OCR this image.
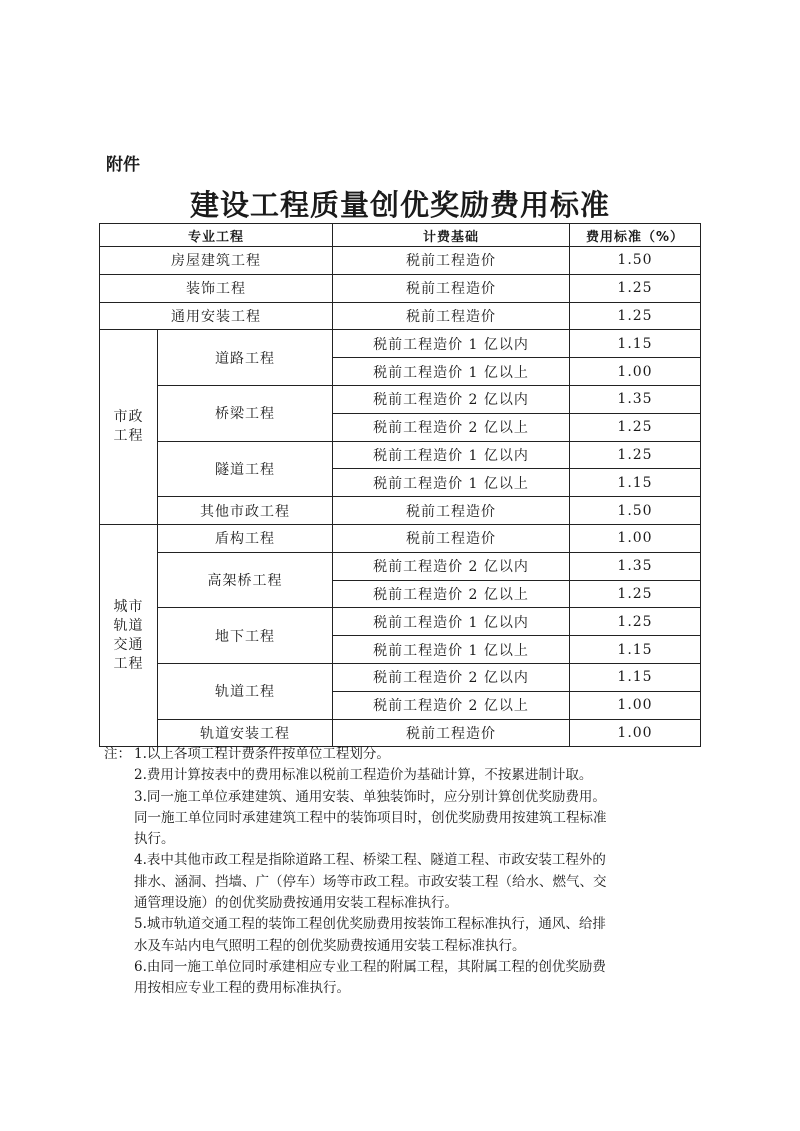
附件
建设工程质量创优奖励费用标准
专业工程		计费基础	费用标准（%）
房屋建筑工程		税前工程造价	1.50
装饰工程		税前工程造价	1.25
通用安装工程		税前工程造价	1.25

市政
工程	道路工程	税前工程造价 1 亿以内	1.15
		税前工程造价 1 亿以上	1.00
	桥梁工程	税前工程造价 2 亿以内	1.35
		税前工程造价 2 亿以上	1.25
	隧道工程	税前工程造价 1 亿以内	1.25
		税前工程造价 1 亿以上	1.15
	其他市政工程	税前工程造价	1.50

城市
轨道
交通
工程	盾构工程	税前工程造价	1.00
	高架桥工程	税前工程造价 2 亿以内	1.35
		税前工程造价 2 亿以上	1.25
	地下工程	税前工程造价 1 亿以内	1.25
		税前工程造价 1 亿以上	1.15
	轨道工程	税前工程造价 2 亿以内	1.15
		税前工程造价 2 亿以上	1.00
	轨道安装工程	税前工程造价	1.00
注： 1.以上各项工程计费条件按单位工程划分。
2.费用计算按表中的费用标准以税前工程造价为基础计算，不按累进制计取。
3.同一施工单位承建建筑、通用安装、单独装饰时，应分别计算创优奖励费用。
同一施工单位同时承建建筑工程中的装饰项目时，创优奖励费用按建筑工程标准
执行。
4.表中其他市政工程是指除道路工程、桥梁工程、隧道工程、市政安装工程外的
排水、涵洞、挡墙、广（停车）场等市政工程。市政安装工程（给水、燃气、交
通管理设施）的创优奖励费按通用安装工程标准执行。
5.城市轨道交通工程的装饰工程创优奖励费用按装饰工程标准执行，通风、给排
水及车站内电气照明工程的创优奖励费按通用安装工程标准执行。
6.由同一施工单位同时承建相应专业工程的附属工程，其附属工程的创优奖励费
用按相应专业工程的费用标准执行。
